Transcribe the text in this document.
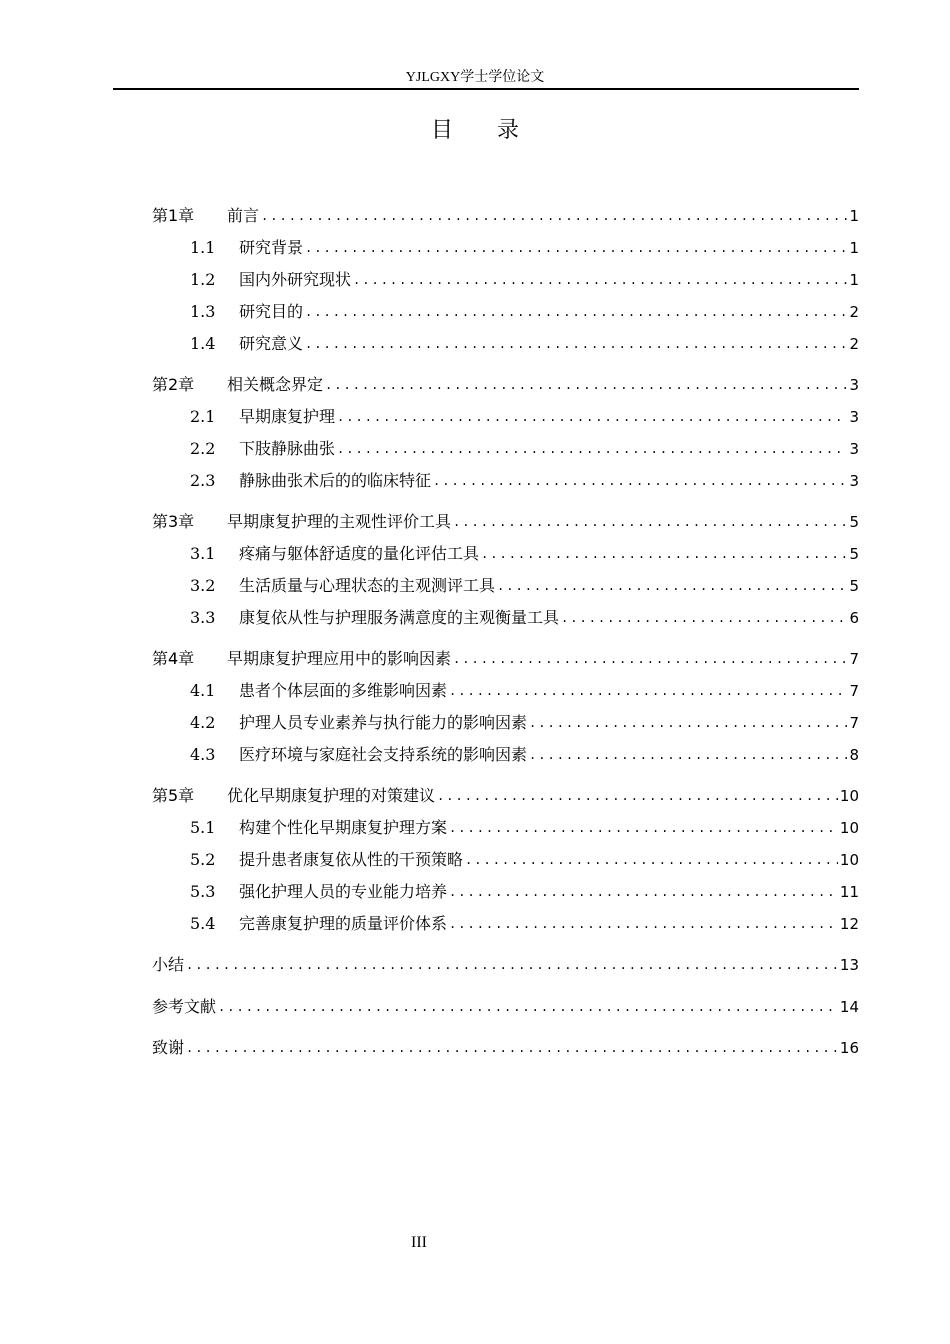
YJLGXY学士学位论文
目录
第1章	前言 .....	1
1.1	研究背景 .....	1
1.2	国内外研究现状 .....	1
1.3	研究目的 .....	2
1.4	研究意义 .....	2
第2章	相关概念界定 .....	3
2.1	早期康复护理 .....	3
2.2	下肢静脉曲张 .....	3
2.3	静脉曲张术后的的临床特征 .....	3
第3章	早期康复护理的主观性评价工具 .....	5
3.1	疼痛与躯体舒适度的量化评估工具 .....	5
3.2	生活质量与心理状态的主观测评工具 .....	5
3.3	康复依从性与护理服务满意度的主观衡量工具 .....	6
第4章	早期康复护理应用中的影响因素 .....	7
4.1	患者个体层面的多维影响因素 .....	7
4.2	护理人员专业素养与执行能力的影响因素 .....	7
4.3	医疗环境与家庭社会支持系统的影响因素 .....	8
第5章	优化早期康复护理的对策建议 .....	10
5.1	构建个性化早期康复护理方案 .....	10
5.2	提升患者康复依从性的干预策略 .....	10
5.3	强化护理人员的专业能力培养 .....	11
5.4	完善康复护理的质量评价体系 .....	12
小结 .....	13
参考文献 .....	14
致谢 .....	16
III
